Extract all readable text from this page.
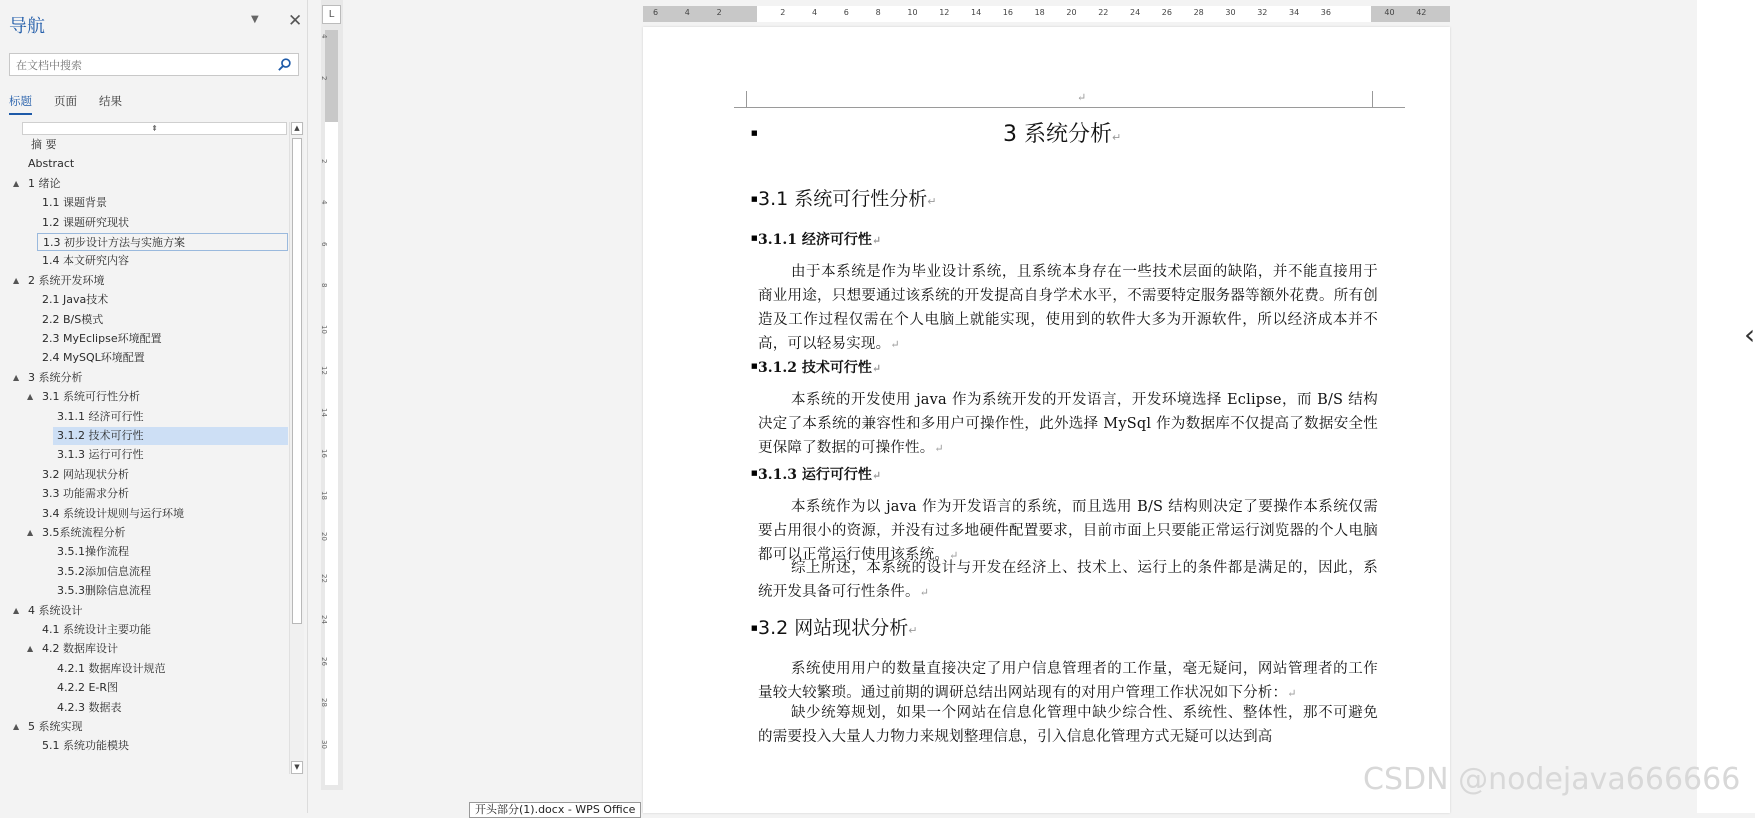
导航	▼ ✕
在文档中搜索
标题 页面 结果
⇞
摘 要
Abstract
▲ 1 绪论
1.1 课题背景
1.2 课题研究现状
1.3 初步设计方法与实施方案
1.4 本文研究内容
▲ 2 系统开发环境
2.1 Java技术
2.2 B/S模式
2.3 MyEclipse环境配置
2.4 MySQL环境配置
▲ 3 系统分析
▲ 3.1 系统可行性分析
3.1.1 经济可行性
3.1.2 技术可行性
3.1.3 运行可行性
3.2 网站现状分析
3.3 功能需求分析
3.4 系统设计规则与运行环境
▲ 3.5系统流程分析
3.5.1操作流程
3.5.2添加信息流程
3.5.3删除信息流程
▲ 4 系统设计
4.1 系统设计主要功能
▲ 4.2 数据库设计
4.2.1 数据库设计规范
4.2.2 E-R图
4.2.3 数据表
▲ 5 系统实现
5.1 系统功能模块
▲
▼
L
4
2
2
4
6
8
10
12
14
16
18
20
22
24
26
28
30
6	4	2	2	4	6	8	10	12	14	16	18	20	22	24	26	28	30	32	34	36	40	42
↵
■	3 系统分析↵
■ 3.1 系统可行性分析↵
■ 3.1.1 经济可行性↵
由于本系统是作为毕业设计系统，且系统本身存在一些技术层面的缺陷，并不能直接用于商业用途，只想要通过该系统的开发提高自身学术水平，不需要特定服务器等额外花费。所有创造及工作过程仅需在个人电脑上就能实现，使用到的软件大多为开源软件，所以经济成本并不高，可以轻易实现。↵
■ 3.1.2 技术可行性↵
本系统的开发使用 java 作为系统开发的开发语言，开发环境选择 Eclipse，而 B/S 结构决定了本系统的兼容性和多用户可操作性，此外选择 MySql 作为数据库不仅提高了数据安全性更保障了数据的可操作性。↵
■ 3.1.3 运行可行性↵
本系统作为以 java 作为开发语言的系统，而且选用 B/S 结构则决定了要操作本系统仅需要占用很小的资源，并没有过多地硬件配置要求，目前市面上只要能正常运行浏览器的个人电脑都可以正常运行使用该系统。↵
综上所述，本系统的设计与开发在经济上、技术上、运行上的条件都是满足的，因此，系统开发具备可行性条件。↵
■ 3.2 网站现状分析↵
系统使用用户的数量直接决定了用户信息管理者的工作量，毫无疑问，网站管理者的工作量较大较繁琐。通过前期的调研总结出网站现有的对用户管理工作状况如下分析：↵
缺少统筹规划，如果一个网站在信息化管理中缺少综合性、系统性、整体性，那不可避免的需要投入大量人力物力来规划整理信息，引入信息化管理方式无疑可以达到高
‹
CSDN @nodejava666666
开头部分(1).docx - WPS Office
